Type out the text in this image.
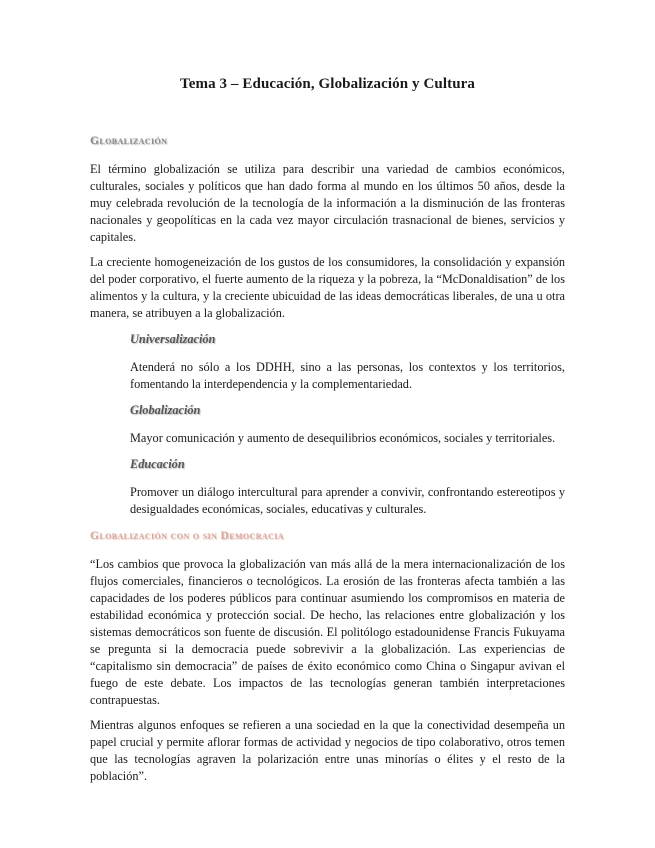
Tema 3 – Educación, Globalización y Cultura
Globalización

El término globalización se utiliza para describir una variedad de cambios económicos, culturales, sociales y políticos que han dado forma al mundo en los últimos 50 años, desde la muy celebrada revolución de la tecnología de la información a la disminución de las fronteras nacionales y geopolíticas en la cada vez mayor circulación trasnacional de bienes, servicios y capitales.

La creciente homogeneización de los gustos de los consumidores, la consolidación y expansión del poder corporativo, el fuerte aumento de la riqueza y la pobreza, la “McDonaldisation” de los alimentos y la cultura, y la creciente ubicuidad de las ideas democráticas liberales, de una u otra manera, se atribuyen a la globalización.

Universalización

Atenderá no sólo a los DDHH, sino a las personas, los contextos y los territorios, fomentando la interdependencia y la complementariedad.

Globalización

Mayor comunicación y aumento de desequilibrios económicos, sociales y territoriales.

Educación

Promover un diálogo intercultural para aprender a convivir, confrontando estereotipos y desigualdades económicas, sociales, educativas y culturales.

Globalización con o sin Democracia

“Los cambios que provoca la globalización van más allá de la mera internacionalización de los flujos comerciales, financieros o tecnológicos. La erosión de las fronteras afecta también a las capacidades de los poderes públicos para continuar asumiendo los compromisos en materia de estabilidad económica y protección social. De hecho, las relaciones entre globalización y los sistemas democráticos son fuente de discusión. El politólogo estadounidense Francis Fukuyama se pregunta si la democracia puede sobrevivir a la globalización. Las experiencias de “capitalismo sin democracia” de países de éxito económico como China o Singapur avivan el fuego de este debate. Los impactos de las tecnologías generan también interpretaciones contrapuestas.

Mientras algunos enfoques se refieren a una sociedad en la que la conectividad desempeña un papel crucial y permite aflorar formas de actividad y negocios de tipo colaborativo, otros temen que las tecnologías agraven la polarización entre unas minorías o élites y el resto de la población”.
